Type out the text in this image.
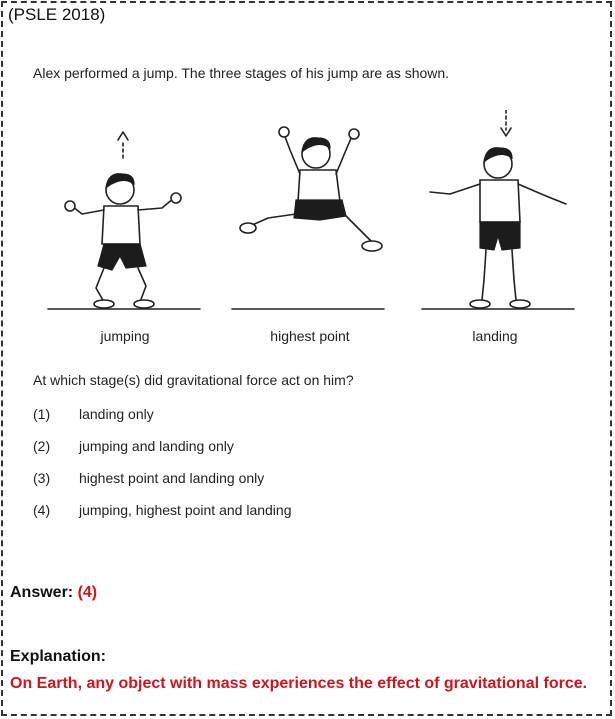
(PSLE 2018)
Alex performed a jump. The three stages of his jump are as shown.
jumping	highest point	landing
At which stage(s) did gravitational force act on him?
(1) landing only
(2) jumping and landing only
(3) highest point and landing only
(4) jumping, highest point and landing
Answer: (4)
Explanation:
On Earth, any object with mass experiences the effect of gravitational force.
